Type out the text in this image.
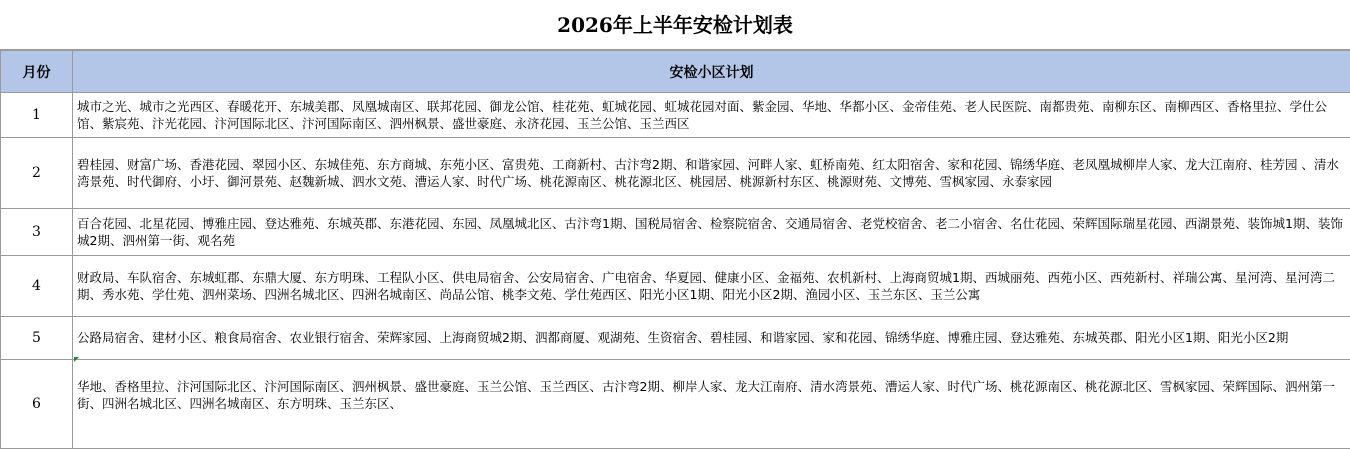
2026年上半年安检计划表
月份	安检小区计划
1	城市之光、城市之光西区、春暖花开、东城美郡、凤凰城南区、联邦花园、御龙公馆、桂花苑、虹城花园、虹城花园对面、紫金园、华地、华都小区、金帝佳苑、老人民医院、南都贵苑、南柳东区、南柳西区、香格里拉、学仕公馆、紫宸苑、汴光花园、汴河国际北区、汴河国际南区、泗州枫景、盛世豪庭、永济花园、玉兰公馆、玉兰西区
2	碧桂园、财富广场、香港花园、翠园小区、东城佳苑、东方商城、东苑小区、富贵苑、工商新村、古汴弯2期、和谐家园、河畔人家、虹桥南苑、红太阳宿舍、家和花园、锦绣华庭、老凤凰城柳岸人家、龙大江南府、桂芳园 、清水湾景苑、时代御府、小圩、御河景苑、赵魏新城、泗水文苑、漕运人家、时代广场、桃花源南区、桃花源北区、桃园居、桃源新村东区、桃源财苑、文博苑、雪枫家园、永泰家园
3	百合花园、北星花园、博雅庄园、登达雅苑、东城英郡、东港花园、东园、凤凰城北区、古汴弯1期、国税局宿舍、检察院宿舍、交通局宿舍、老党校宿舍、老二小宿舍、名仕花园、荣辉国际瑞星花园、西湖景苑、装饰城1期、装饰城2期、泗州第一街、观名苑
4	财政局、车队宿舍、东城虹郡、东鼎大厦、东方明珠、工程队小区、供电局宿舍、公安局宿舍、广电宿舍、华夏园、健康小区、金福苑、农机新村、上海商贸城1期、西城丽苑、西苑小区、西苑新村、祥瑞公寓、星河湾、星河湾二期、秀水苑、学仕苑、泗州菜场、四洲名城北区、四洲名城南区、尚品公馆、桃李文苑、学仕苑西区、阳光小区1期、阳光小区2期、渔园小区、玉兰东区、玉兰公寓
5	公路局宿舍、建材小区、粮食局宿舍、农业银行宿舍、荣辉家园、上海商贸城2期、泗都商厦、观湖苑、生资宿舍、碧桂园、和谐家园、家和花园、锦绣华庭、博雅庄园、登达雅苑、东城英郡、阳光小区1期、阳光小区2期
6	华地、香格里拉、汴河国际北区、汴河国际南区、泗州枫景、盛世豪庭、玉兰公馆、玉兰西区、古汴弯2期、柳岸人家、龙大江南府、清水湾景苑、漕运人家、时代广场、桃花源南区、桃花源北区、雪枫家园、荣辉国际、泗州第一街、四洲名城北区、四洲名城南区、东方明珠、玉兰东区、
